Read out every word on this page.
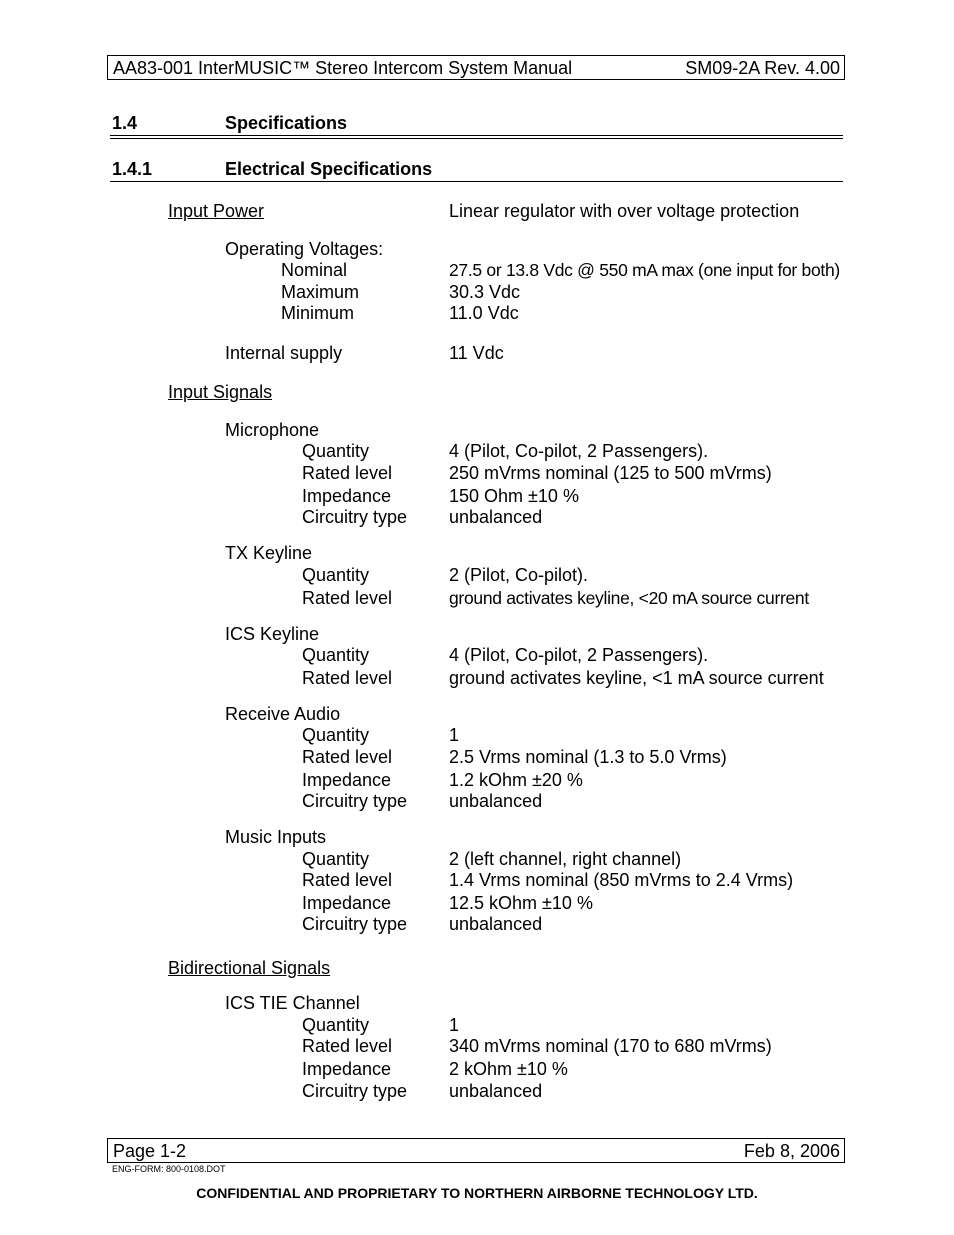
AA83-001 InterMUSIC™ Stereo Intercom System Manual	SM09-2A Rev. 4.00
1.4	Specifications
1.4.1	Electrical Specifications
Input Power	Linear regulator with over voltage protection
Operating Voltages:
Nominal	27.5 or 13.8 Vdc @ 550 mA max (one input for both)
Maximum	30.3 Vdc
Minimum	11.0 Vdc
Internal supply	11 Vdc
Input Signals
Microphone
Quantity	4 (Pilot, Co-pilot, 2 Passengers).
Rated level	250 mVrms nominal (125 to 500 mVrms)
Impedance	150 Ohm ±10 %
Circuitry type unbalanced
TX Keyline
Quantity	2 (Pilot, Co-pilot).
Rated level	ground activates keyline, <20 mA source current
ICS Keyline
Quantity	4 (Pilot, Co-pilot, 2 Passengers).
Rated level	ground activates keyline, <1 mA source current
Receive Audio
Quantity	1
Rated level	2.5 Vrms nominal (1.3 to 5.0 Vrms)
Impedance	1.2 kOhm ±20 %
Circuitry type unbalanced
Music Inputs
Quantity	2 (left channel, right channel)
Rated level	1.4 Vrms nominal (850 mVrms to 2.4 Vrms)
Impedance	12.5 kOhm ±10 %
Circuitry type unbalanced
Bidirectional Signals
ICS TIE Channel
Quantity	1
Rated level	340 mVrms nominal (170 to 680 mVrms)
Impedance	2 kOhm ±10 %
Circuitry type unbalanced
Page 1-2	Feb 8, 2006
ENG-FORM: 800-0108.DOT
CONFIDENTIAL AND PROPRIETARY TO NORTHERN AIRBORNE TECHNOLOGY LTD.
